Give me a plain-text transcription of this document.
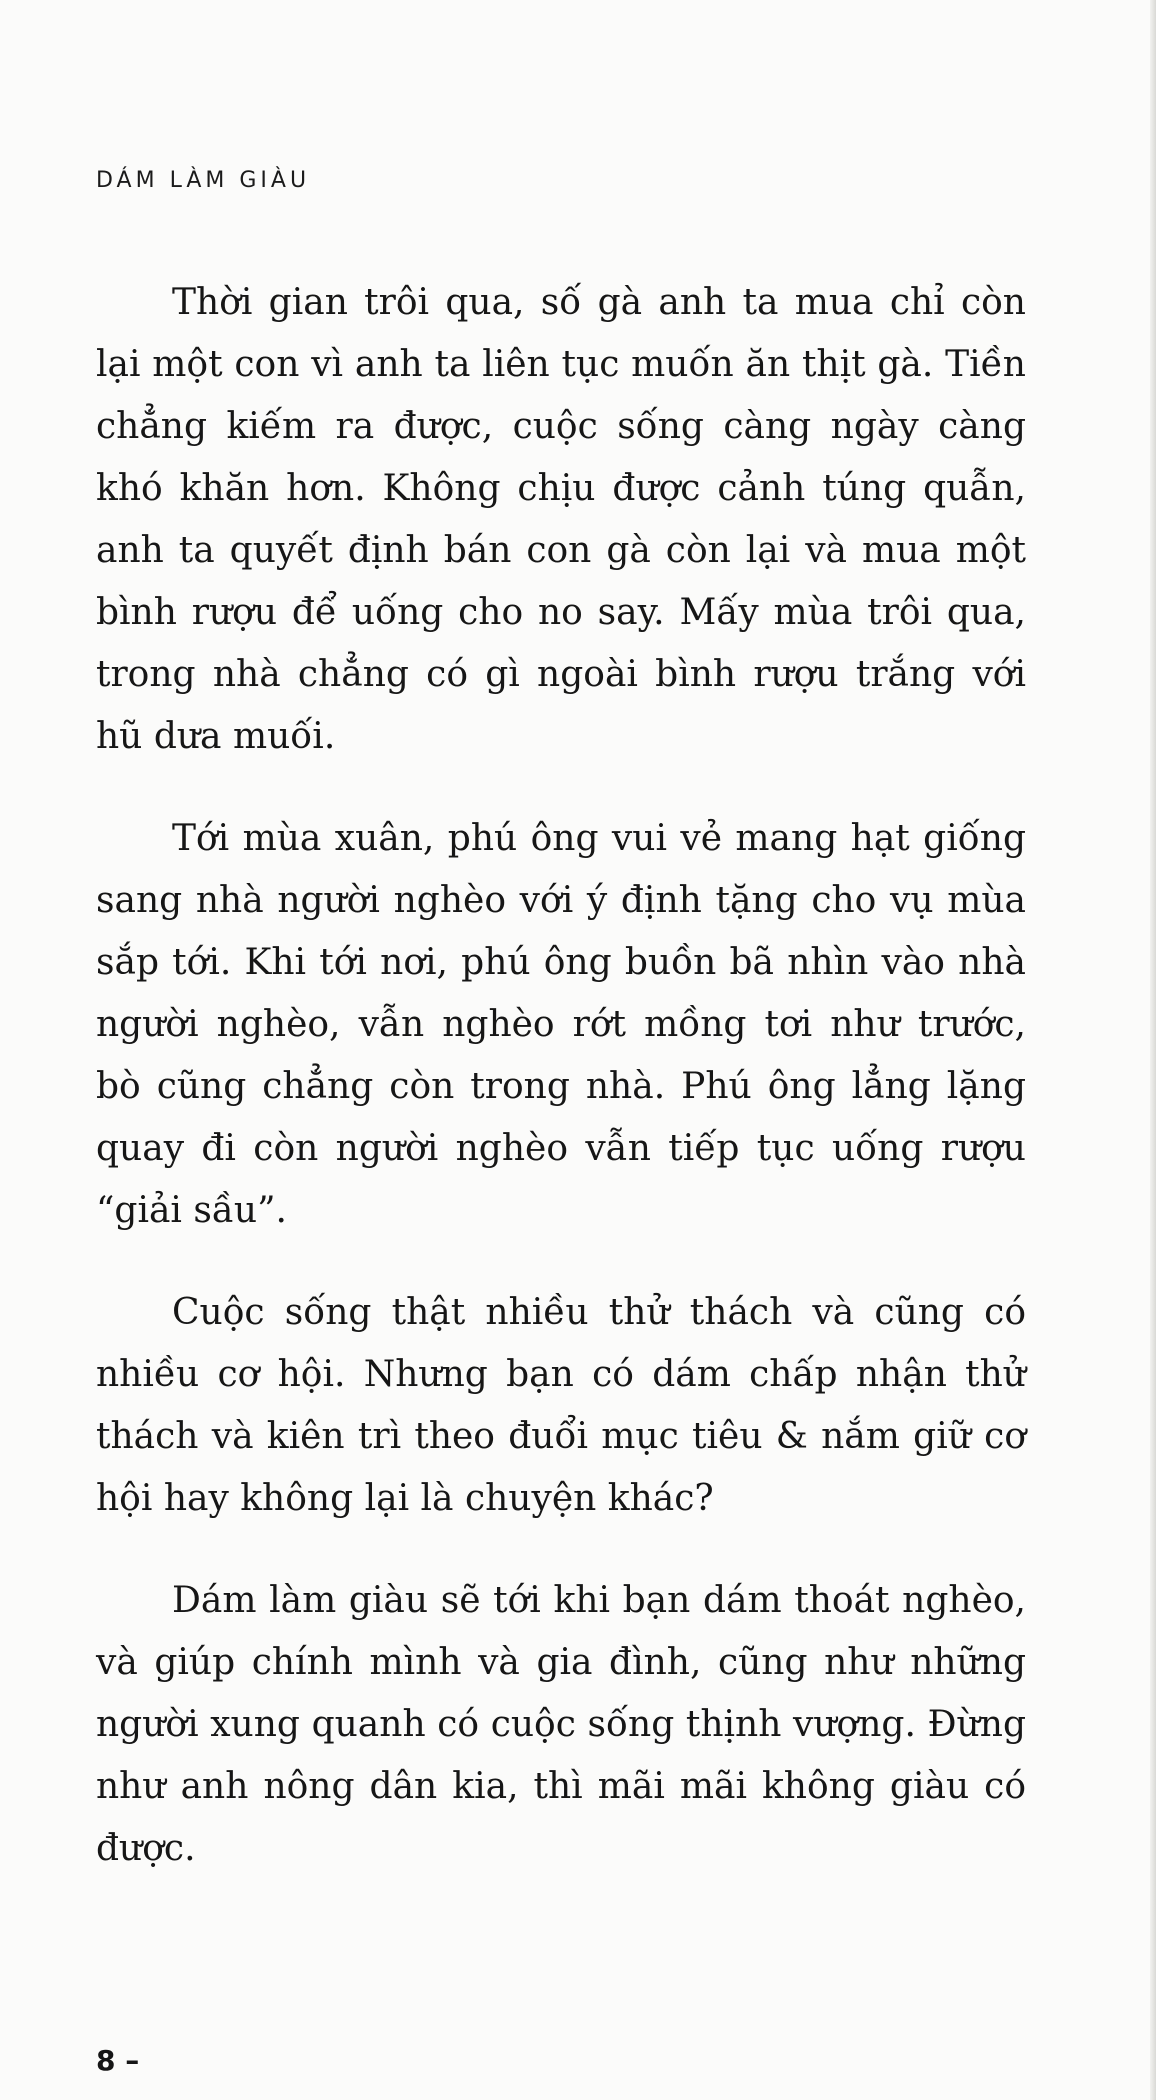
DÁM LÀM GIÀU

Thời gian trôi qua, số gà anh ta mua chỉ còn lại một con vì anh ta liên tục muốn ăn thịt gà. Tiền chẳng kiếm ra được, cuộc sống càng ngày càng khó khăn hơn. Không chịu được cảnh túng quẫn, anh ta quyết định bán con gà còn lại và mua một bình rượu để uống cho no say. Mấy mùa trôi qua, trong nhà chẳng có gì ngoài bình rượu trắng với hũ dưa muối.

Tới mùa xuân, phú ông vui vẻ mang hạt giống sang nhà người nghèo với ý định tặng cho vụ mùa sắp tới. Khi tới nơi, phú ông buồn bã nhìn vào nhà người nghèo, vẫn nghèo rớt mồng tơi như trước, bò cũng chẳng còn trong nhà. Phú ông lẳng lặng quay đi còn người nghèo vẫn tiếp tục uống rượu “giải sầu”.

Cuộc sống thật nhiều thử thách và cũng có nhiều cơ hội. Nhưng bạn có dám chấp nhận thử thách và kiên trì theo đuổi mục tiêu & nắm giữ cơ hội hay không lại là chuyện khác?

Dám làm giàu sẽ tới khi bạn dám thoát nghèo, và giúp chính mình và gia đình, cũng như những người xung quanh có cuộc sống thịnh vượng. Đừng như anh nông dân kia, thì mãi mãi không giàu có được.

8 –
